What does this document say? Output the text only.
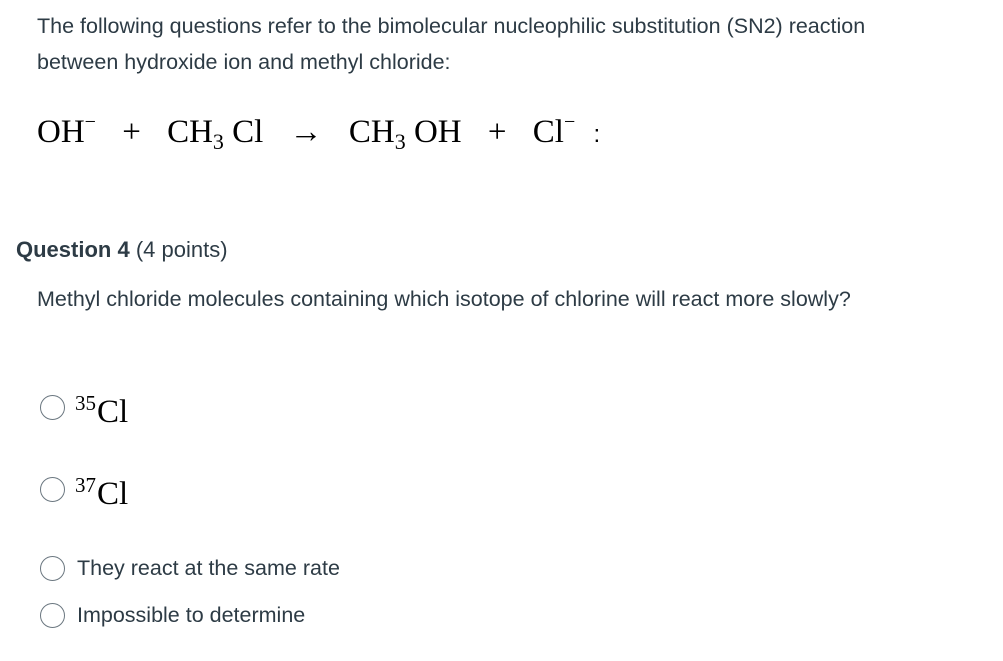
The following questions refer to the bimolecular nucleophilic substitution (SN2) reaction between hydroxide ion and methyl chloride:

$OH^- + CH_3$ $Cl \to CH_3$ OH + Cl− :
Question 4 (4 points)

Methyl chloride molecules containing which isotope of chlorine will react more slowly?

$^{35}$Cl
$^{37}$Cl
They react at the same rate
Impossible to determine
